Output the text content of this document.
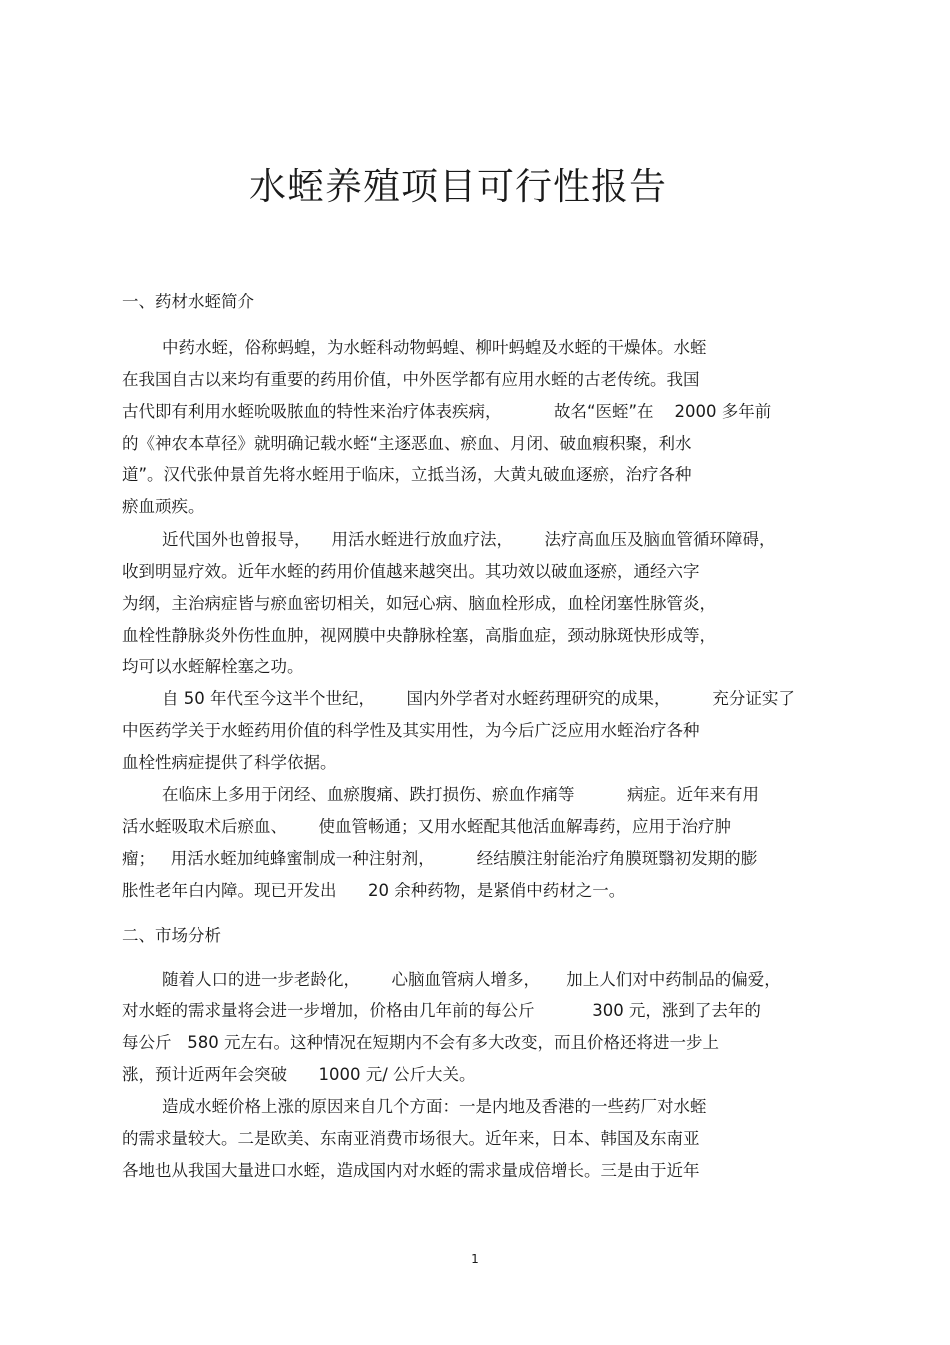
水蛭养殖项目可行性报告
一、药材水蛭简介

中药水蛭，俗称蚂蝗，为水蛭科动物蚂蝗、柳叶蚂蝗及水蛭的干燥体。水蛭

在我国自古以来均有重要的药用价值，中外医学都有应用水蛭的古老传统。我国

古代即有利用水蛭吮吸脓血的特性来治疗体表疾病，          故名“医蛭”在    2000 多年前

的《神农本草径》就明确记载水蛭“主逐恶血、瘀血、月闭、破血瘕积聚，利水

道”。汉代张仲景首先将水蛭用于临床，立抵当汤，大黄丸破血逐瘀，治疗各种

瘀血顽疾。

近代国外也曾报导，    用活水蛭进行放血疗法，      法疗高血压及脑血管循环障碍，

收到明显疗效。近年水蛭的药用价值越来越突出。其功效以破血逐瘀，通经六字

为纲，主治病症皆与瘀血密切相关，如冠心病、脑血栓形成，血栓闭塞性脉管炎，

血栓性静脉炎外伤性血肿，视网膜中央静脉栓塞，高脂血症，颈动脉斑快形成等，

均可以水蛭解栓塞之功。

自 50 年代至今这半个世纪，      国内外学者对水蛭药理研究的成果，        充分证实了

中医药学关于水蛭药用价值的科学性及其实用性，为今后广泛应用水蛭治疗各种

血栓性病症提供了科学依据。

在临床上多用于闭经、血瘀腹痛、跌打损伤、瘀血作痛等          病症。近年来有用

活水蛭吸取术后瘀血、      使血管畅通；又用水蛭配其他活血解毒药，应用于治疗肿

瘤；   用活水蛭加纯蜂蜜制成一种注射剂，        经结膜注射能治疗角膜斑翳初发期的膨

胀性老年白内障。现已开发出      20 余种药物，是紧俏中药材之一。

二、市场分析

随着人口的进一步老龄化，      心脑血管病人增多，     加上人们对中药制品的偏爱，

对水蛭的需求量将会进一步增加，价格由几年前的每公斤           300 元，涨到了去年的

每公斤   580 元左右。这种情况在短期内不会有多大改变，而且价格还将进一步上

涨，预计近两年会突破      1000 元/ 公斤大关。

造成水蛭价格上涨的原因来自几个方面：一是内地及香港的一些药厂对水蛭

的需求量较大。二是欧美、东南亚消费市场很大。近年来，日本、韩国及东南亚

各地也从我国大量进口水蛭，造成国内对水蛭的需求量成倍增长。三是由于近年

1
